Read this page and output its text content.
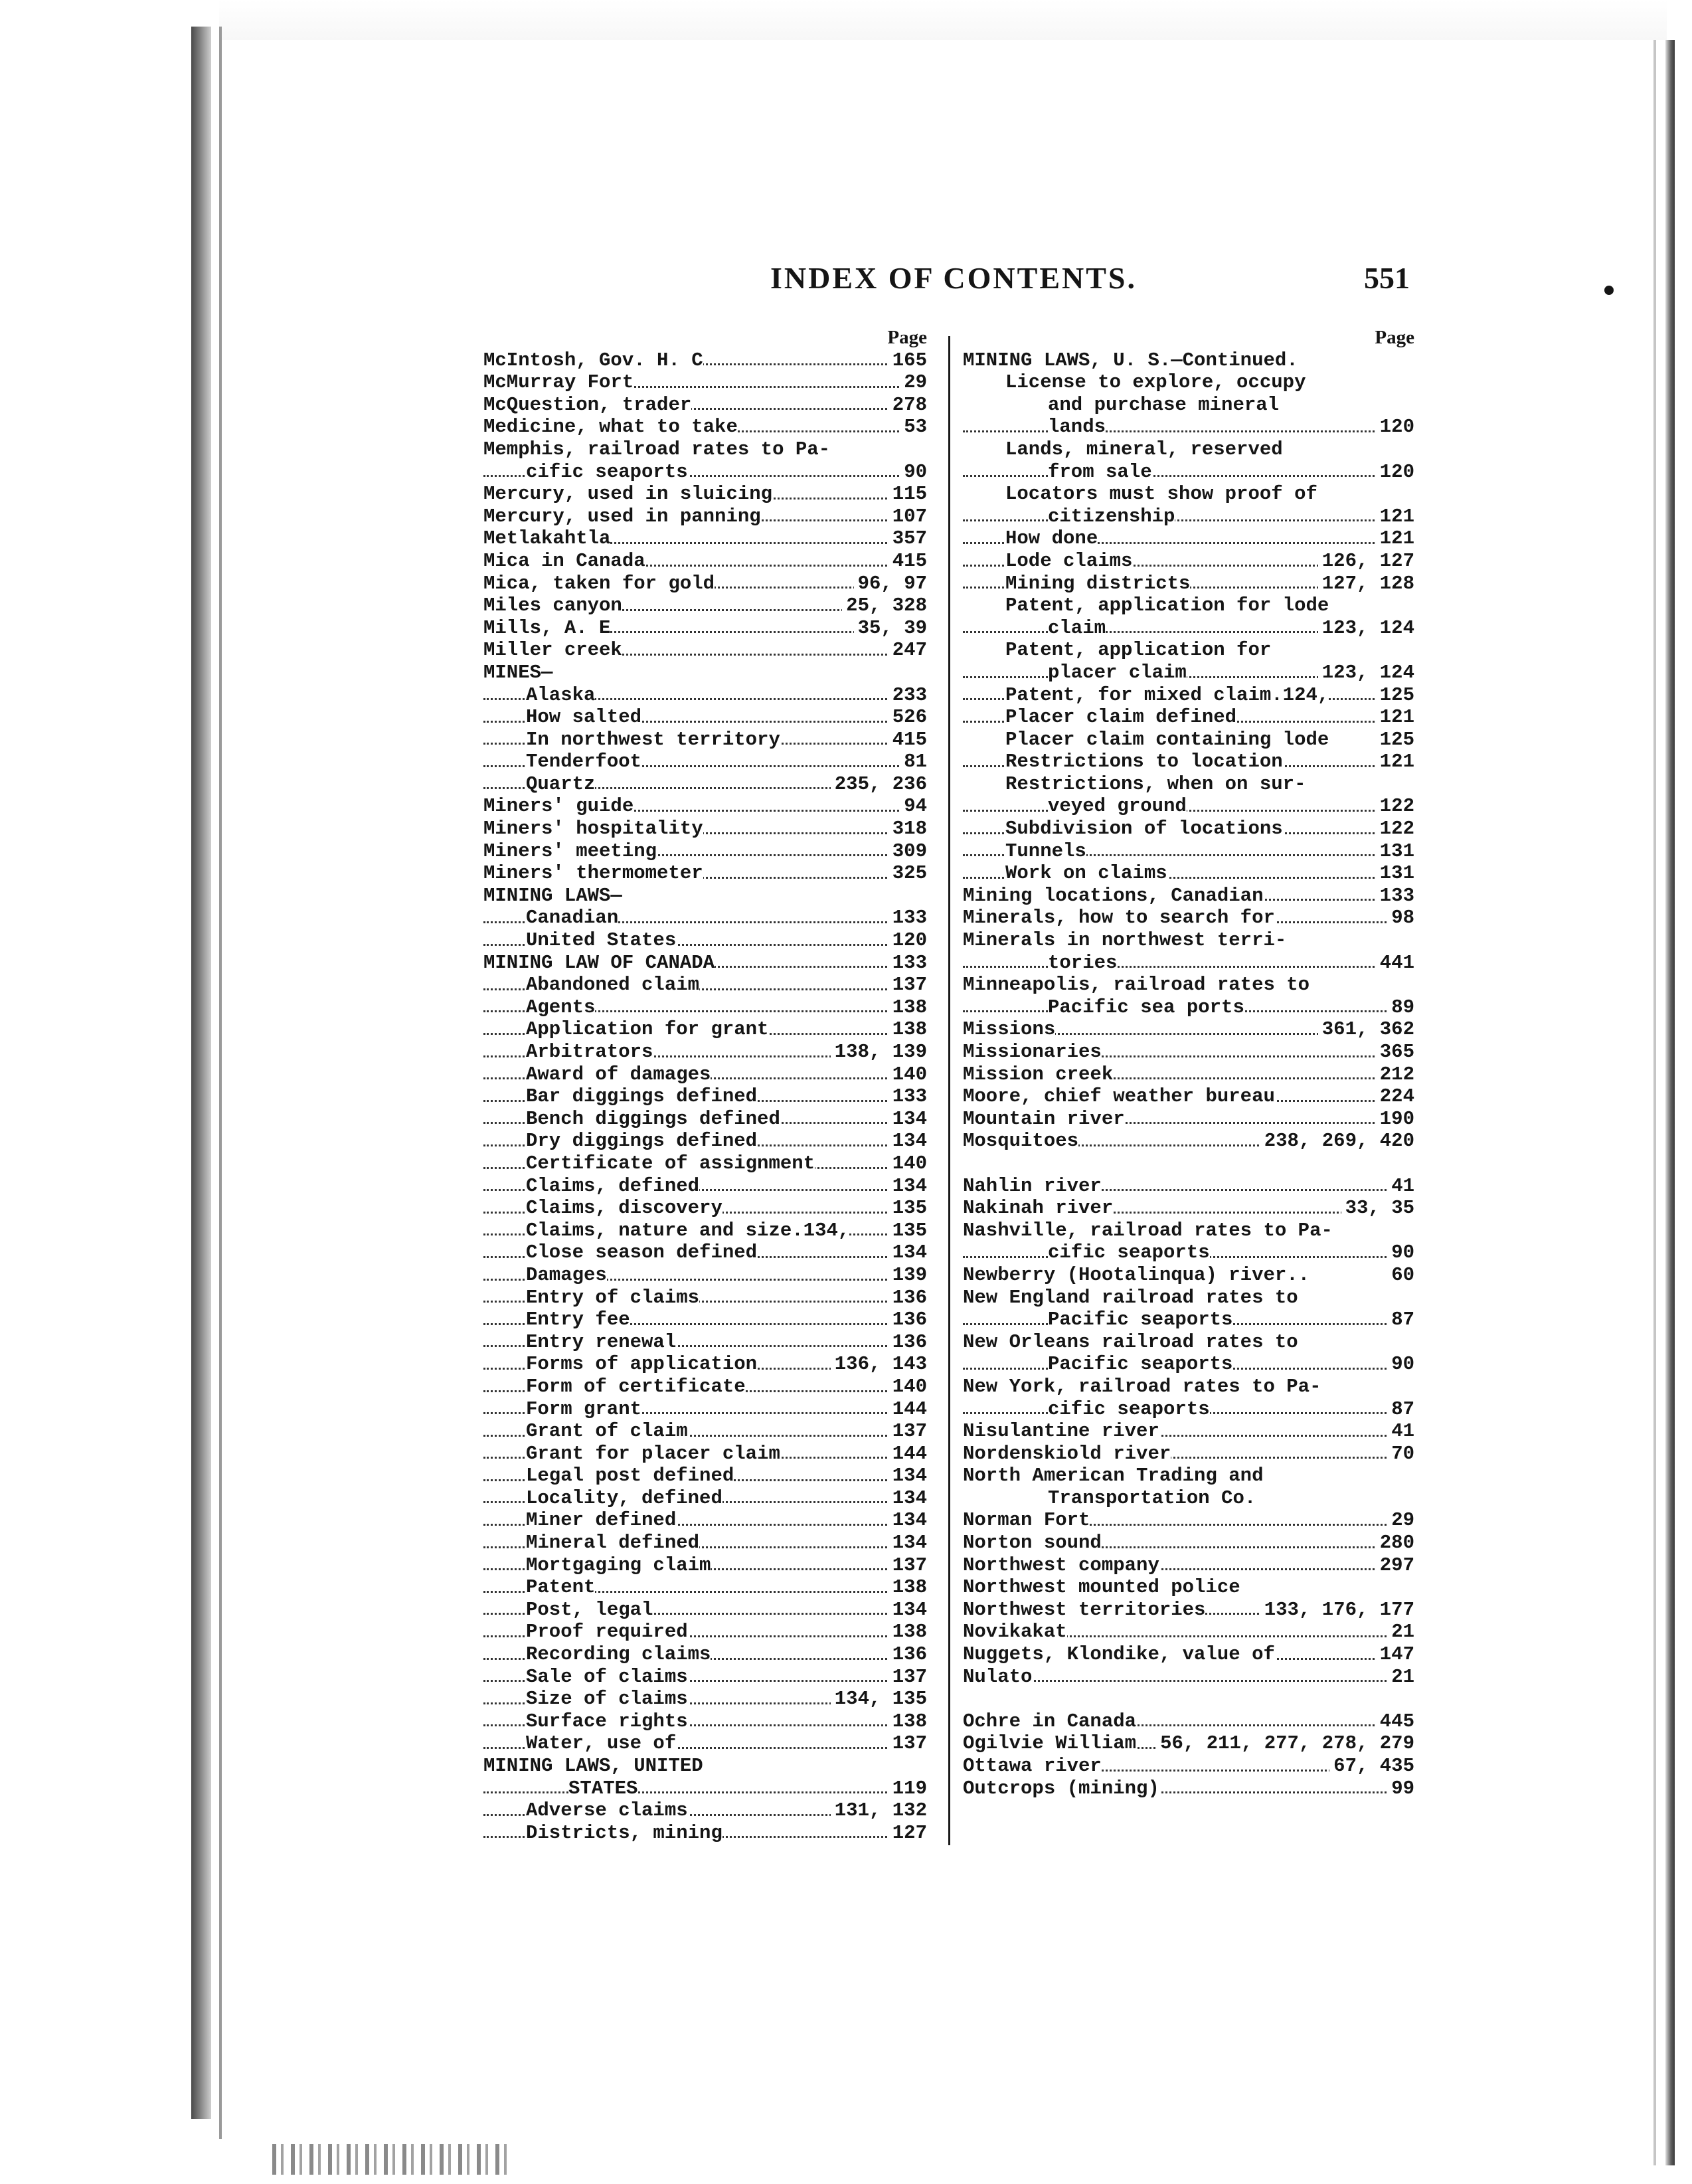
INDEX OF CONTENTS.	551
Page
McIntosh, Gov. H. C	165
McMurray Fort	29
McQuestion, trader	278
Medicine, what to take	53
Memphis, railroad rates to Pa-
cific seaports	90
Mercury, used in sluicing	115
Mercury, used in panning	107
Metlakahtla	357
Mica in Canada	415
Mica, taken for gold	96, 97
Miles canyon	25, 328
Mills, A. E	35, 39
Miller creek	247
MINES—
Alaska	233
How salted	526
In northwest territory	415
Tenderfoot	81
Quartz	235, 236
Miners' guide	94
Miners' hospitality	318
Miners' meeting	309
Miners' thermometer	325
MINING LAWS—
Canadian	133
United States	120
MINING LAW OF CANADA	133
Abandoned claim	137
Agents	138
Application for grant	138
Arbitrators	138, 139
Award of damages	140
Bar diggings defined	133
Bench diggings defined	134
Dry diggings defined	134
Certificate of assignment	140
Claims, defined	134
Claims, discovery	135
Claims, nature and size.134, 135
Close season defined	134
Damages	139
Entry of claims	136
Entry fee	136
Entry renewal	136
Forms of application	136, 143
Form of certificate	140
Form grant	144
Grant of claim	137
Grant for placer claim	144
Legal post defined	134
Locality, defined	134
Miner defined	134
Mineral defined	134
Mortgaging claim	137
Patent	138
Post, legal	134
Proof required	138
Recording claims	136
Sale of claims	137
Size of claims	134, 135
Surface rights	138
Water, use of	137
MINING LAWS, UNITED
STATES	119
Adverse claims	131, 132
Districts, mining	127
Page
MINING LAWS, U. S.—Continued.
License to explore, occupy
and purchase mineral
lands	120
Lands, mineral, reserved
from sale	120
Locators must show proof of
citizenship	121
How done	121
Lode claims	126, 127
Mining districts	127, 128
Patent, application for lode
claim	123, 124
Patent, application for
placer claim	123, 124
Patent, for mixed claim.124,	125
Placer claim defined	121
Placer claim containing lode	125
Restrictions to location	121
Restrictions, when on sur-
veyed ground	122
Subdivision of locations	122
Tunnels	131
Work on claims	131
Mining locations, Canadian	133
Minerals, how to search for	98
Minerals in northwest terri-
tories	441
Minneapolis, railroad rates to
Pacific sea ports	89
Missions	361, 362
Missionaries	365
Mission creek	212
Moore, chief weather bureau	224
Mountain river	190
Mosquitoes	238, 269, 420
Nahlin river	41
Nakinah river	33, 35
Nashville, railroad rates to Pa-
cific seaports	90
Newberry (Hootalinqua) river..	60
New England railroad rates to
Pacific seaports	87
New Orleans railroad rates to
Pacific seaports	90
New York, railroad rates to Pa-
cific seaports	87
Nisulantine river	41
Nordenskiold river	70
North American Trading and
Transportation Co.
Norman Fort	29
Norton sound	280
Northwest company	297
Northwest mounted police
Northwest territories	133, 176, 177
Novikakat	21
Nuggets, Klondike, value of	147
Nulato	21
Ochre in Canada	445
Ogilvie William 56, 211, 277, 278, 279
Ottawa river	67, 435
Outcrops (mining)	99
